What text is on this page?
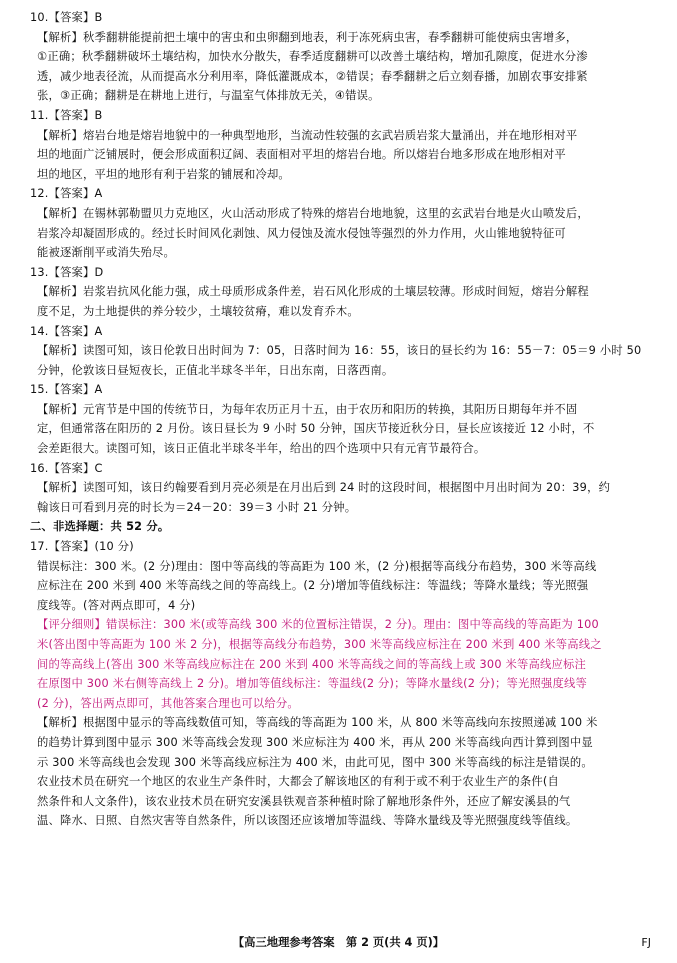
10.【答案】B

【解析】秋季翻耕能提前把土壤中的害虫和虫卵翻到地表，利于冻死病虫害，春季翻耕可能使病虫害增多，

①正确；秋季翻耕破坏土壤结构，加快水分散失，春季适度翻耕可以改善土壤结构，增加孔隙度，促进水分渗

透，减少地表径流，从而提高水分利用率，降低灌溉成本，②错误；春季翻耕之后立刻春播，加剧农事安排紧

张，③正确；翻耕是在耕地上进行，与温室气体排放无关，④错误。

11.【答案】B

【解析】熔岩台地是熔岩地貌中的一种典型地形，当流动性较强的玄武岩质岩浆大量涌出，并在地形相对平

坦的地面广泛铺展时，便会形成面积辽阔、表面相对平坦的熔岩台地。所以熔岩台地多形成在地形相对平

坦的地区，平坦的地形有利于岩浆的铺展和冷却。

12.【答案】A

【解析】在锡林郭勒盟贝力克地区，火山活动形成了特殊的熔岩台地地貌，这里的玄武岩台地是火山喷发后，

岩浆冷却凝固形成的。经过长时间风化剥蚀、风力侵蚀及流水侵蚀等强烈的外力作用，火山锥地貌特征可

能被逐渐削平或消失殆尽。

13.【答案】D

【解析】岩浆岩抗风化能力强，成土母质形成条件差，岩石风化形成的土壤层较薄。形成时间短，熔岩分解程

度不足，为土地提供的养分较少，土壤较贫瘠，难以发育乔木。

14.【答案】A

【解析】读图可知，该日伦敦日出时间为 7：05，日落时间为 16：55，该日的昼长约为 16：55－7：05＝9 小时 50

分钟，伦敦该日昼短夜长，正值北半球冬半年，日出东南，日落西南。

15.【答案】A

【解析】元宵节是中国的传统节日，为每年农历正月十五，由于农历和阳历的转换，其阳历日期每年并不固

定，但通常落在阳历的 2 月份。该日昼长为 9 小时 50 分钟，国庆节接近秋分日，昼长应该接近 12 小时，不

会差距很大。读图可知，该日正值北半球冬半年，给出的四个选项中只有元宵节最符合。

16.【答案】C

【解析】读图可知，该日约翰要看到月亮必须是在月出后到 24 时的这段时间，根据图中月出时间为 20：39，约

翰该日可看到月亮的时长为＝24－20：39＝3 小时 21 分钟。

二、非选择题：共 52 分。

17.【答案】(10 分)

错误标注：300 米。(2 分)理由：图中等高线的等高距为 100 米，(2 分)根据等高线分布趋势，300 米等高线

应标注在 200 米到 400 米等高线之间的等高线上。(2 分)增加等值线标注：等温线；等降水量线；等光照强

度线等。(答对两点即可，4 分)

【评分细则】错误标注：300 米(或等高线 300 米的位置标注错误，2 分)。理由：图中等高线的等高距为 100

米(答出图中等高距为 100 米 2 分)，根据等高线分布趋势，300 米等高线应标注在 200 米到 400 米等高线之

间的等高线上(答出 300 米等高线应标注在 200 米到 400 米等高线之间的等高线上或 300 米等高线应标注

在原图中 300 米右侧等高线上 2 分)。增加等值线标注：等温线(2 分)；等降水量线(2 分)；等光照强度线等

(2 分)，答出两点即可，其他答案合理也可以给分。

【解析】根据图中显示的等高线数值可知，等高线的等高距为 100 米，从 800 米等高线向东按照递减 100 米

的趋势计算到图中显示 300 米等高线会发现 300 米应标注为 400 米，再从 200 米等高线向西计算到图中显

示 300 米等高线也会发现 300 米等高线应标注为 400 米，由此可见，图中 300 米等高线的标注是错误的。

农业技术员在研究一个地区的农业生产条件时，大都会了解该地区的有利于或不利于农业生产的条件(自

然条件和人文条件)，该农业技术员在研究安溪县铁观音茶种植时除了解地形条件外，还应了解安溪县的气

温、降水、日照、自然灾害等自然条件，所以该图还应该增加等温线、等降水量线及等光照强度线等值线。

【高三地理参考答案　第 2 页(共 4 页)】	FJ
